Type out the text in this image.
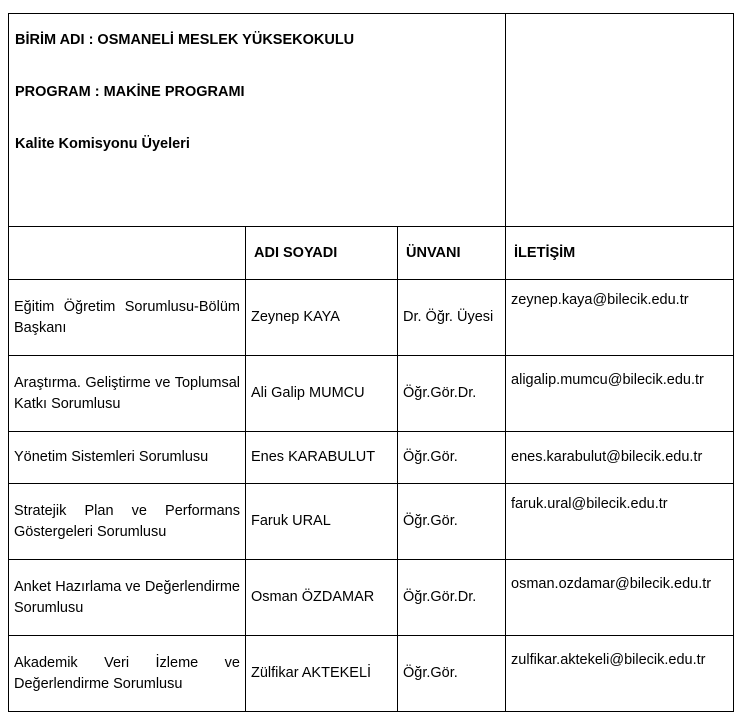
BİRİM ADI : OSMANELİ MESLEK YÜKSEKOKULU

PROGRAM : MAKİNE PROGRAMI

Kalite Komisyonu Üyeleri			

	ADI SOYADI	ÜNVANI	İLETİŞİM
Eğitim Öğretim Sorumlusu-Bölüm Başkanı	Zeynep KAYA	Dr. Öğr. Üyesi	zeynep.kaya@bilecik.edu.tr
Araştırma. Geliştirme ve Toplumsal Katkı Sorumlusu	Ali Galip MUMCU	Öğr.Gör.Dr.	aligalip.mumcu@bilecik.edu.tr
Yönetim Sistemleri Sorumlusu	Enes KARABULUT	Öğr.Gör.	enes.karabulut@bilecik.edu.tr
Stratejik Plan ve Performans Göstergeleri Sorumlusu	Faruk URAL	Öğr.Gör.	faruk.ural@bilecik.edu.tr
Anket Hazırlama ve Değerlendirme Sorumlusu	Osman ÖZDAMAR	Öğr.Gör.Dr.	osman.ozdamar@bilecik.edu.tr
Akademik Veri İzleme ve Değerlendirme Sorumlusu	Zülfikar AKTEKELİ	Öğr.Gör.	zulfikar.aktekeli@bilecik.edu.tr
